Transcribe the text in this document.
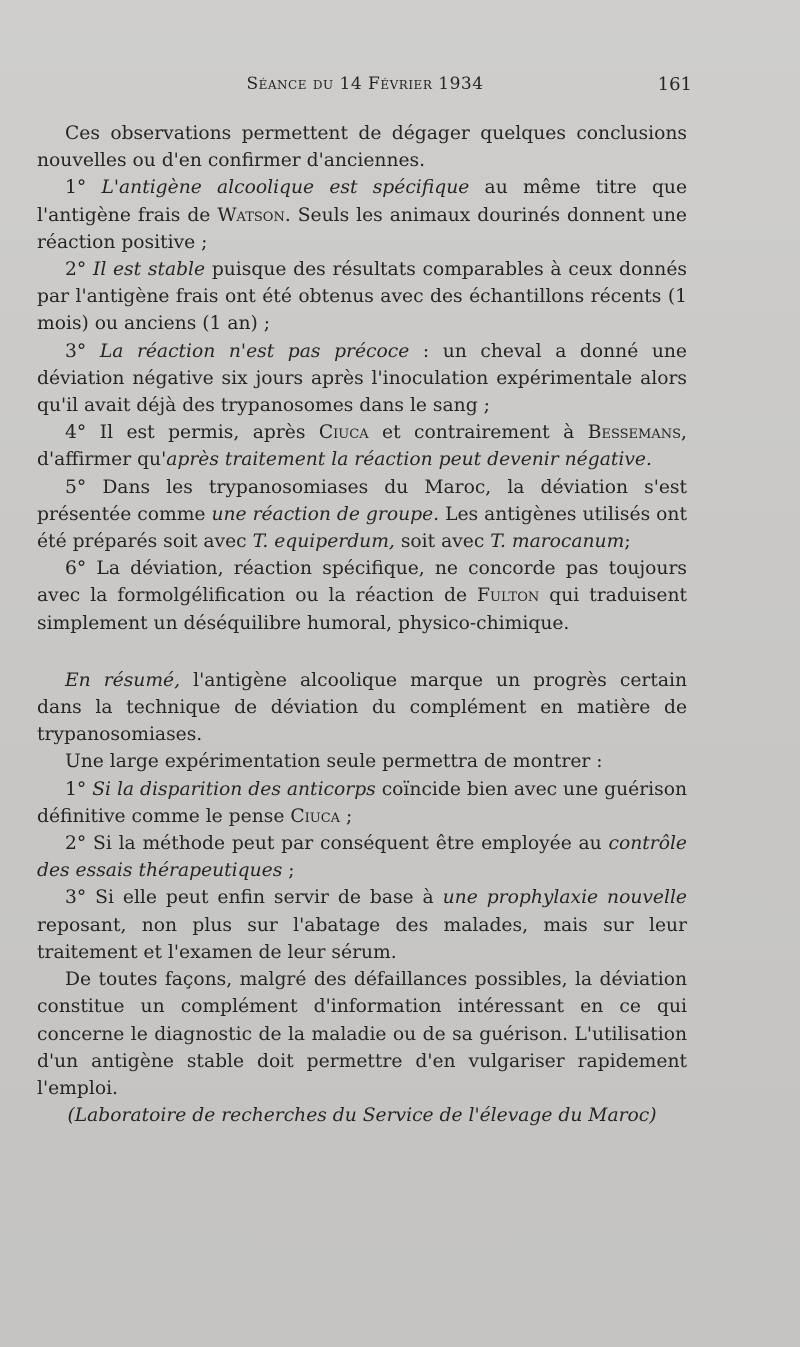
Séance du 14 Février 1934	161

Ces observations permettent de dégager quelques conclusions nouvelles ou d'en confirmer d'anciennes.

1° L'antigène alcoolique est spécifique au même titre que l'antigène frais de Watson. Seuls les animaux dourinés donnent une réaction positive ;

2° Il est stable puisque des résultats comparables à ceux donnés par l'antigène frais ont été obtenus avec des échantillons récents (1 mois) ou anciens (1 an) ;

3° La réaction n'est pas précoce : un cheval a donné une déviation négative six jours après l'inoculation expérimentale alors qu'il avait déjà des trypanosomes dans le sang ;

4° Il est permis, après Ciuca et contrairement à Bessemans, d'affirmer qu'après traitement la réaction peut devenir négative.

5° Dans les trypanosomiases du Maroc, la déviation s'est présentée comme une réaction de groupe. Les antigènes utilisés ont été préparés soit avec T. equiperdum, soit avec T. marocanum;

6° La déviation, réaction spécifique, ne concorde pas toujours avec la formolgélification ou la réaction de Fulton qui traduisent simplement un déséquilibre humoral, physico-chimique.

En résumé, l'antigène alcoolique marque un progrès certain dans la technique de déviation du complément en matière de trypanosomiases.

Une large expérimentation seule permettra de montrer :

1° Si la disparition des anticorps coïncide bien avec une guérison définitive comme le pense Ciuca ;

2° Si la méthode peut par conséquent être employée au contrôle des essais thérapeutiques ;

3° Si elle peut enfin servir de base à une prophylaxie nouvelle reposant, non plus sur l'abatage des malades, mais sur leur traitement et l'examen de leur sérum.

De toutes façons, malgré des défaillances possibles, la déviation constitue un complément d'information intéressant en ce qui concerne le diagnostic de la maladie ou de sa guérison. L'utilisation d'un antigène stable doit permettre d'en vulgariser rapidement l'emploi.

(Laboratoire de recherches du Service de l'élevage du Maroc)
